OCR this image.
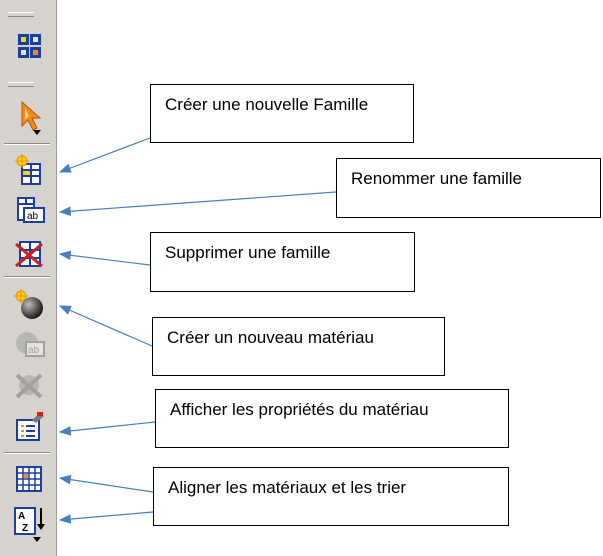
ab
ab
A
Z
Créer une nouvelle Famille
Renommer une famille
Supprimer une famille
Créer un nouveau matériau
Afficher les propriétés du matériau
Aligner les matériaux et les trier
